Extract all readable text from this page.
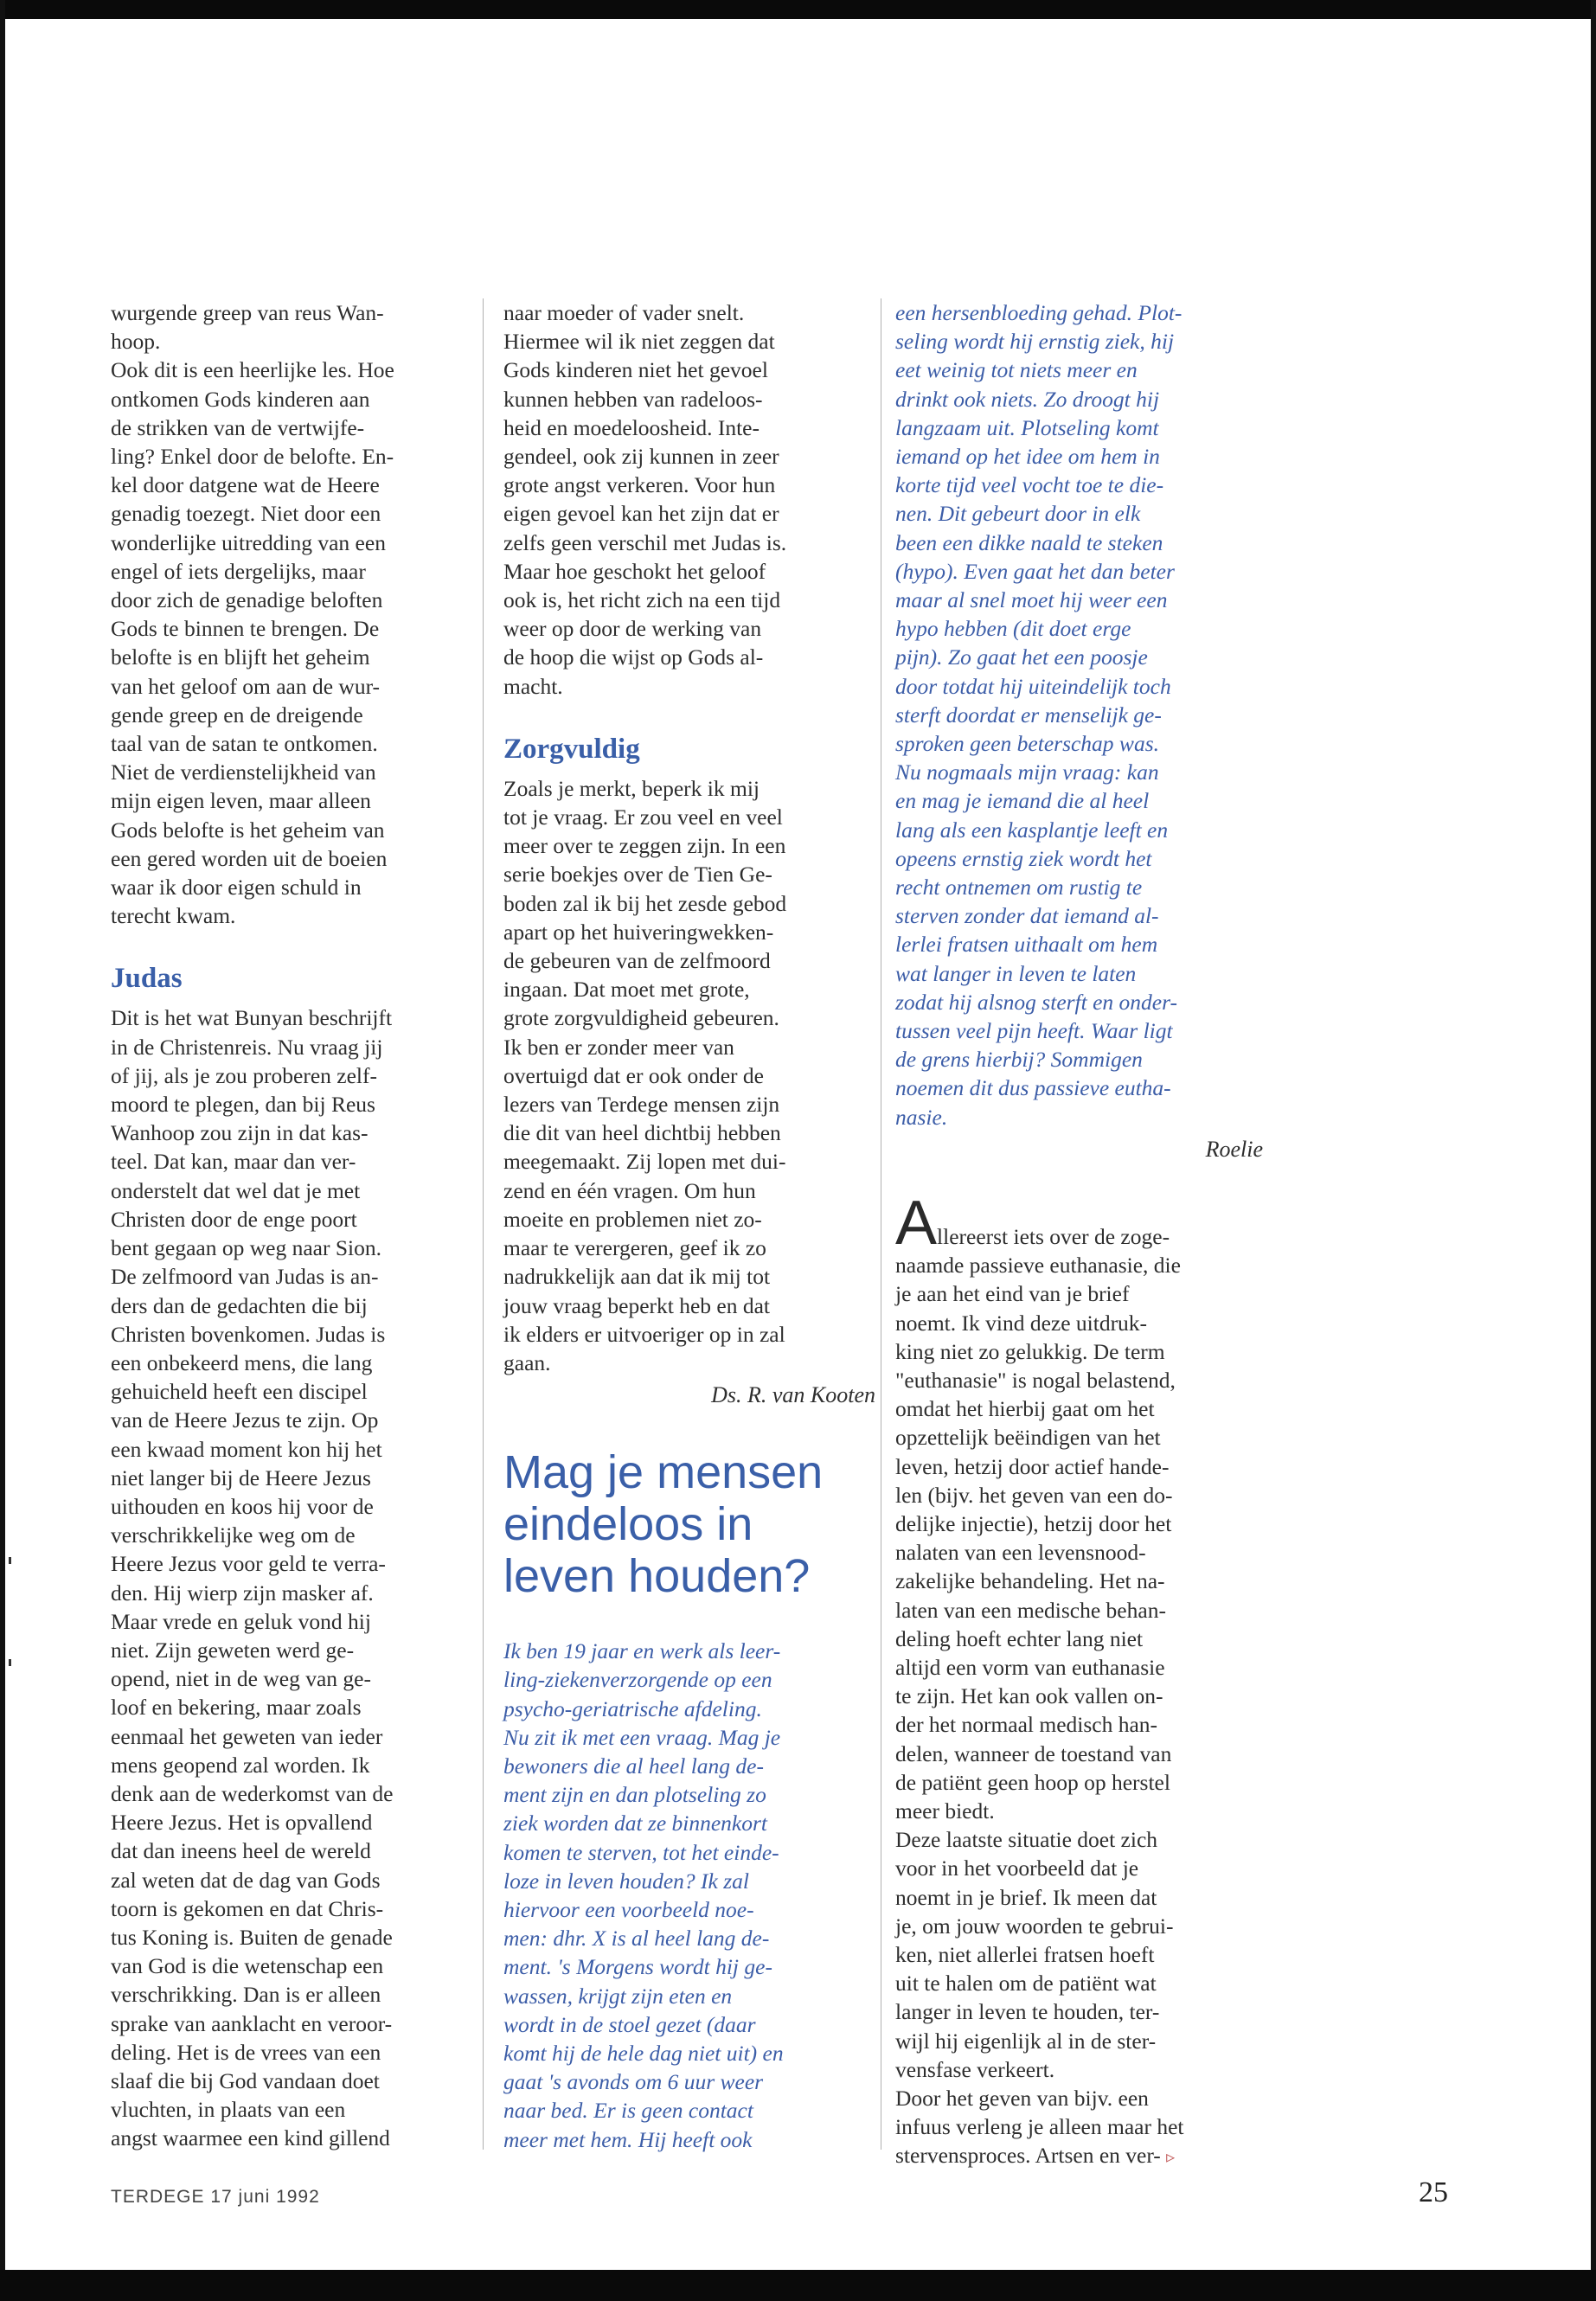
wurgende greep van reus Wan-

hoop.

Ook dit is een heerlijke les. Hoe

ontkomen Gods kinderen aan

de strikken van de vertwijfe-

ling? Enkel door de belofte. En-

kel door datgene wat de Heere

genadig toezegt. Niet door een

wonderlijke uitredding van een

engel of iets dergelijks, maar

door zich de genadige beloften

Gods te binnen te brengen. De

belofte is en blijft het geheim

van het geloof om aan de wur-

gende greep en de dreigende

taal van de satan te ontkomen.

Niet de verdienstelijkheid van

mijn eigen leven, maar alleen

Gods belofte is het geheim van

een gered worden uit de boeien

waar ik door eigen schuld in

terecht kwam.

Judas

Dit is het wat Bunyan beschrijft

in de Christenreis. Nu vraag jij

of jij, als je zou proberen zelf-

moord te plegen, dan bij Reus

Wanhoop zou zijn in dat kas-

teel. Dat kan, maar dan ver-

onderstelt dat wel dat je met

Christen door de enge poort

bent gegaan op weg naar Sion.

De zelfmoord van Judas is an-

ders dan de gedachten die bij

Christen bovenkomen. Judas is

een onbekeerd mens, die lang

gehuicheld heeft een discipel

van de Heere Jezus te zijn. Op

een kwaad moment kon hij het

niet langer bij de Heere Jezus

uithouden en koos hij voor de

verschrikkelijke weg om de

Heere Jezus voor geld te verra-

den. Hij wierp zijn masker af.

Maar vrede en geluk vond hij

niet. Zijn geweten werd ge-

opend, niet in de weg van ge-

loof en bekering, maar zoals

eenmaal het geweten van ieder

mens geopend zal worden. Ik

denk aan de wederkomst van de

Heere Jezus. Het is opvallend

dat dan ineens heel de wereld

zal weten dat de dag van Gods

toorn is gekomen en dat Chris-

tus Koning is. Buiten de genade

van God is die wetenschap een

verschrikking. Dan is er alleen

sprake van aanklacht en veroor-

deling. Het is de vrees van een

slaaf die bij God vandaan doet

vluchten, in plaats van een

angst waarmee een kind gillend

naar moeder of vader snelt.

Hiermee wil ik niet zeggen dat

Gods kinderen niet het gevoel

kunnen hebben van radeloos-

heid en moedeloosheid. Inte-

gendeel, ook zij kunnen in zeer

grote angst verkeren. Voor hun

eigen gevoel kan het zijn dat er

zelfs geen verschil met Judas is.

Maar hoe geschokt het geloof

ook is, het richt zich na een tijd

weer op door de werking van

de hoop die wijst op Gods al-

macht.

Zorgvuldig

Zoals je merkt, beperk ik mij

tot je vraag. Er zou veel en veel

meer over te zeggen zijn. In een

serie boekjes over de Tien Ge-

boden zal ik bij het zesde gebod

apart op het huiveringwekken-

de gebeuren van de zelfmoord

ingaan. Dat moet met grote,

grote zorgvuldigheid gebeuren.

Ik ben er zonder meer van

overtuigd dat er ook onder de

lezers van Terdege mensen zijn

die dit van heel dichtbij hebben

meegemaakt. Zij lopen met dui-

zend en één vragen. Om hun

moeite en problemen niet zo-

maar te verergeren, geef ik zo

nadrukkelijk aan dat ik mij tot

jouw vraag beperkt heb en dat

ik elders er uitvoeriger op in zal

gaan.

Ds. R. van Kooten
Mag je mensen
eindeloos in
leven houden?

Ik ben 19 jaar en werk als leer-

ling-ziekenverzorgende op een

psycho-geriatrische afdeling.

Nu zit ik met een vraag. Mag je

bewoners die al heel lang de-

ment zijn en dan plotseling zo

ziek worden dat ze binnenkort

komen te sterven, tot het einde-

loze in leven houden? Ik zal

hiervoor een voorbeeld noe-

men: dhr. X is al heel lang de-

ment. 's Morgens wordt hij ge-

wassen, krijgt zijn eten en

wordt in de stoel gezet (daar

komt hij de hele dag niet uit) en

gaat 's avonds om 6 uur weer

naar bed. Er is geen contact

meer met hem. Hij heeft ook

een hersenbloeding gehad. Plot-

seling wordt hij ernstig ziek, hij

eet weinig tot niets meer en

drinkt ook niets. Zo droogt hij

langzaam uit. Plotseling komt

iemand op het idee om hem in

korte tijd veel vocht toe te die-

nen. Dit gebeurt door in elk

been een dikke naald te steken

(hypo). Even gaat het dan beter

maar al snel moet hij weer een

hypo hebben (dit doet erge

pijn). Zo gaat het een poosje

door totdat hij uiteindelijk toch

sterft doordat er menselijk ge-

sproken geen beterschap was.

Nu nogmaals mijn vraag: kan

en mag je iemand die al heel

lang als een kasplantje leeft en

opeens ernstig ziek wordt het

recht ontnemen om rustig te

sterven zonder dat iemand al-

lerlei fratsen uithaalt om hem

wat langer in leven te laten

zodat hij alsnog sterft en onder-

tussen veel pijn heeft. Waar ligt

de grens hierbij? Sommigen

noemen dit dus passieve eutha-

nasie.

Roelie

Allereerst iets over de zoge-

naamde passieve euthanasie, die

je aan het eind van je brief

noemt. Ik vind deze uitdruk-

king niet zo gelukkig. De term

"euthanasie" is nogal belastend,

omdat het hierbij gaat om het

opzettelijk beëindigen van het

leven, hetzij door actief hande-

len (bijv. het geven van een do-

delijke injectie), hetzij door het

nalaten van een levensnood-

zakelijke behandeling. Het na-

laten van een medische behan-

deling hoeft echter lang niet

altijd een vorm van euthanasie

te zijn. Het kan ook vallen on-

der het normaal medisch han-

delen, wanneer de toestand van

de patiënt geen hoop op herstel

meer biedt.

Deze laatste situatie doet zich

voor in het voorbeeld dat je

noemt in je brief. Ik meen dat

je, om jouw woorden te gebrui-

ken, niet allerlei fratsen hoeft

uit te halen om de patiënt wat

langer in leven te houden, ter-

wijl hij eigenlijk al in de ster-

vensfase verkeert.

Door het geven van bijv. een

infuus verleng je alleen maar het

stervensproces. Artsen en ver- ▹

TERDEGE 17 juni 1992	25
